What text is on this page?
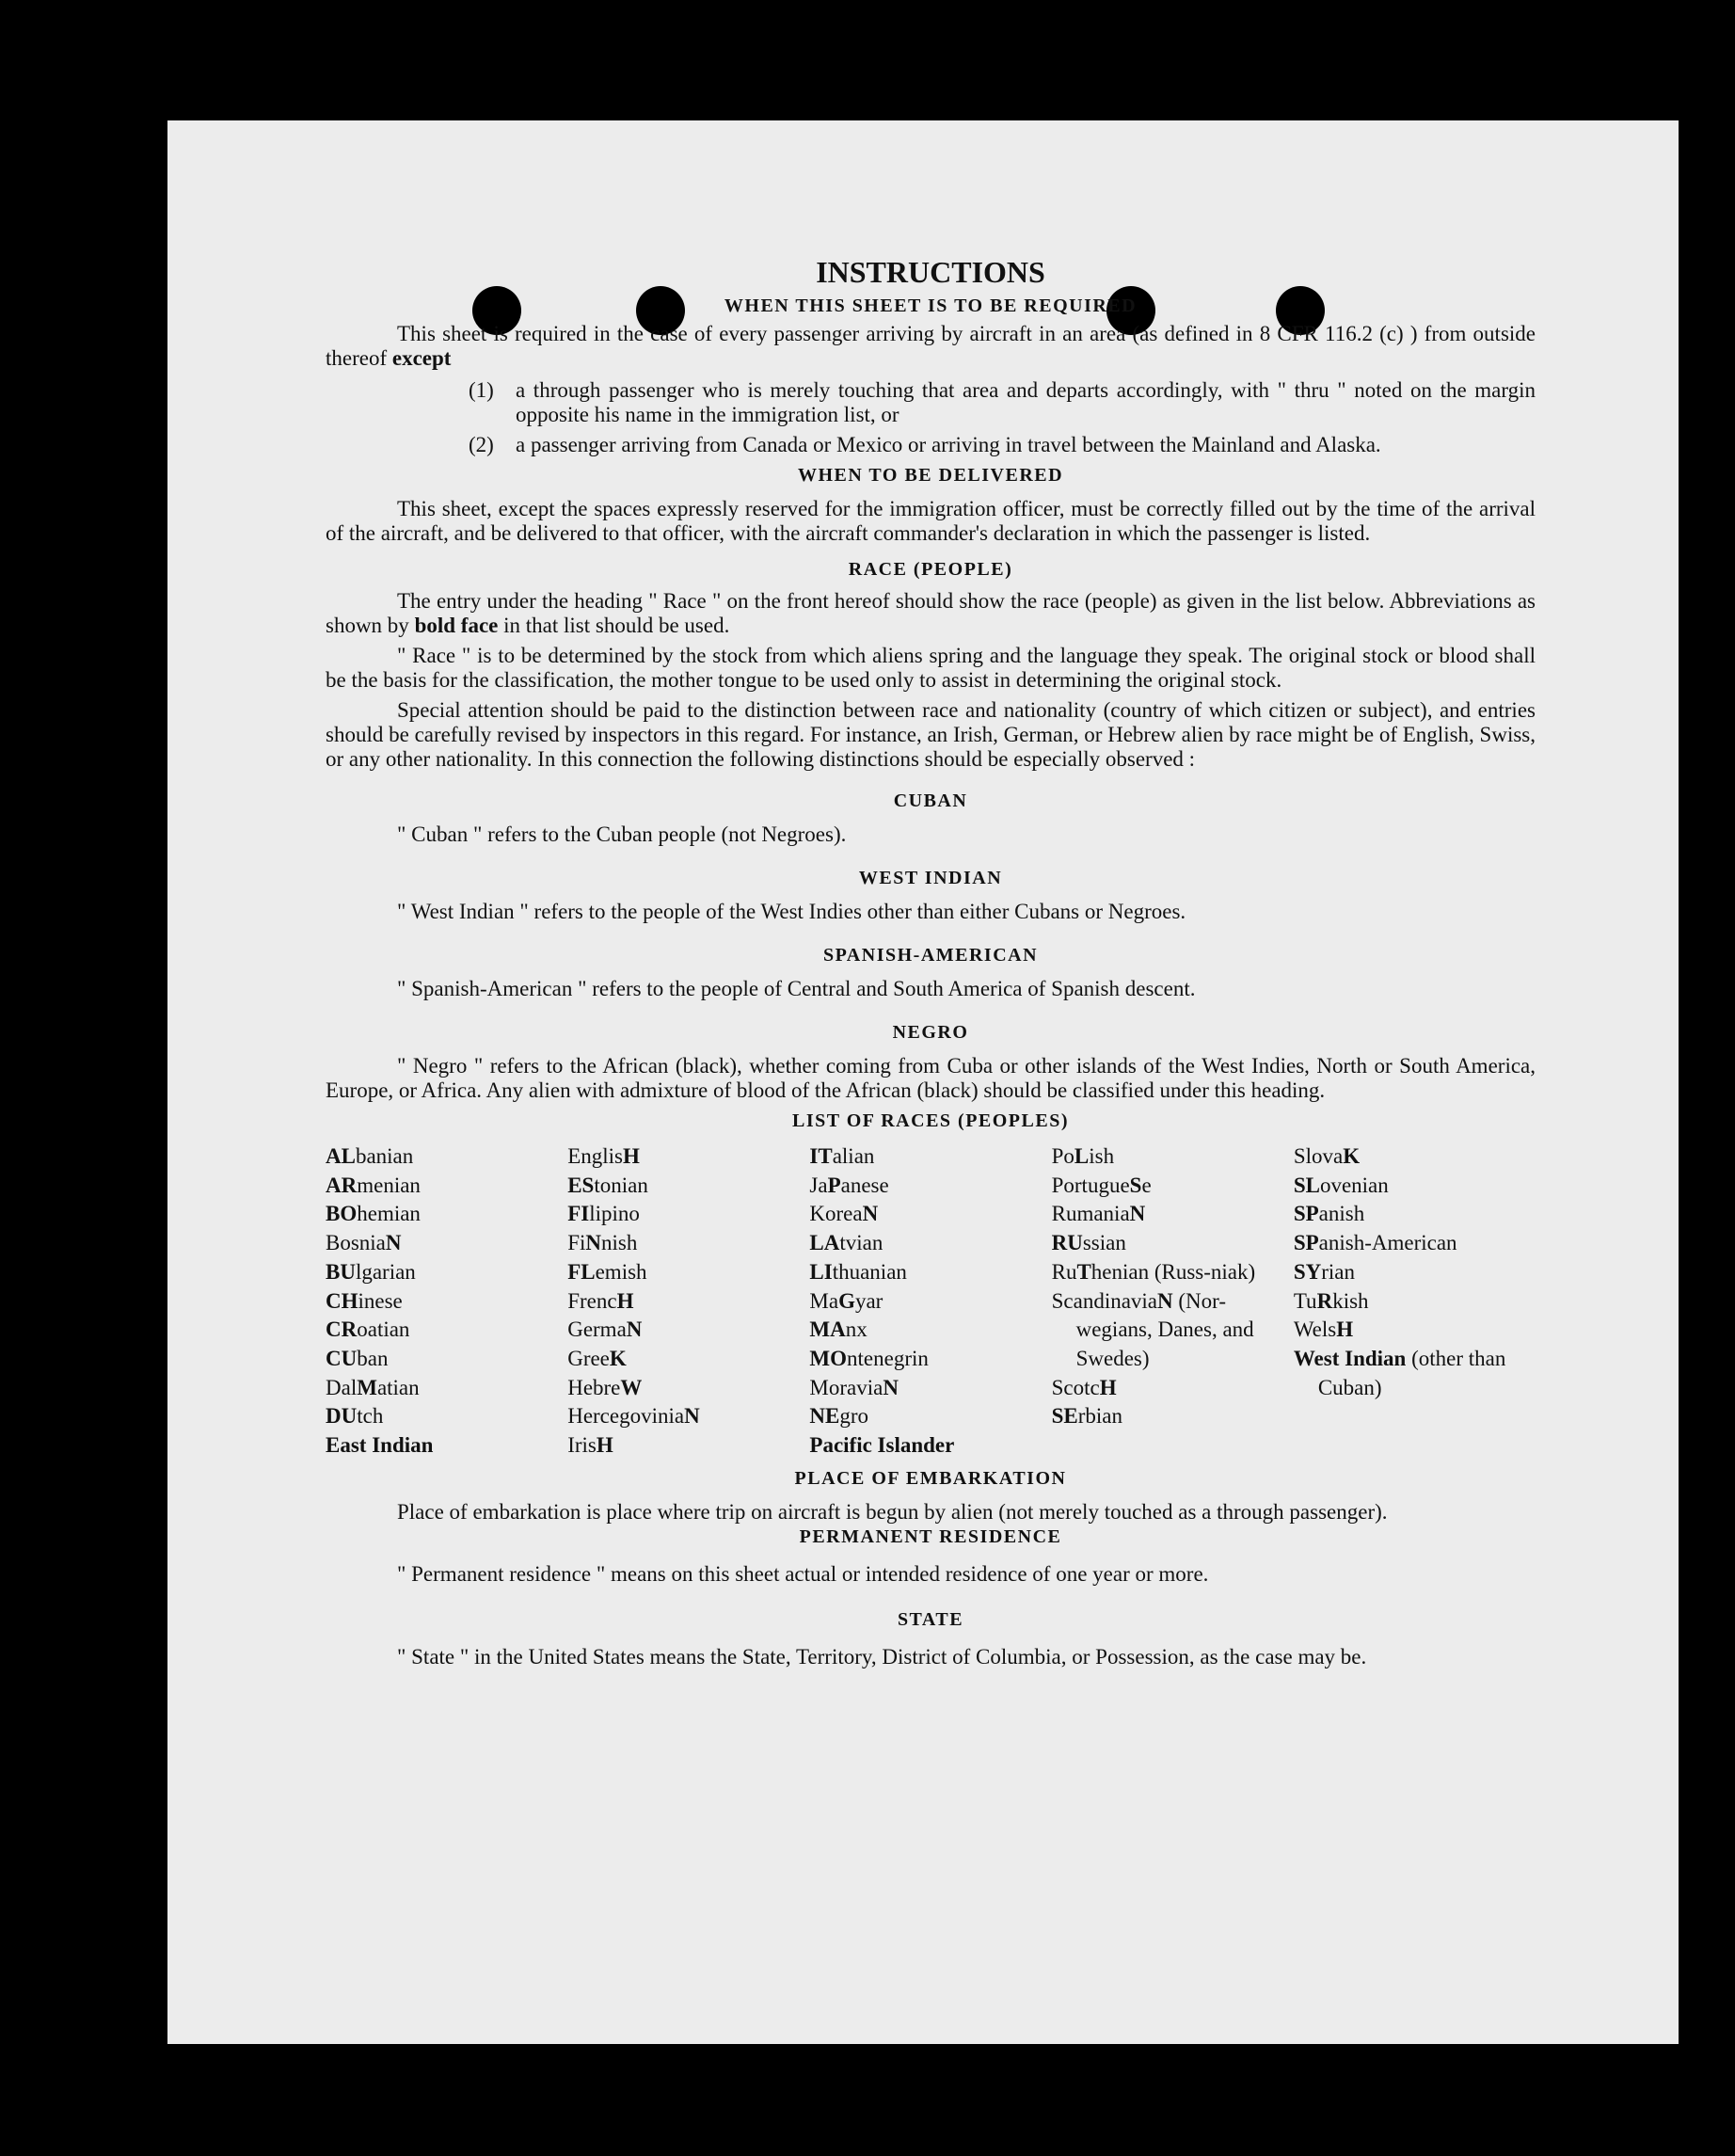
INSTRUCTIONS
WHEN THIS SHEET IS TO BE REQUIRED

This sheet is required in the case of every passenger arriving by aircraft in an area (as defined in 8 CFR 116.2 (c) ) from outside thereof except

(1)	a through passenger who is merely touching that area and departs accordingly, with " thru " noted on the margin opposite his name in the immigration list, or
(2)	a passenger arriving from Canada or Mexico or arriving in travel between the Mainland and Alaska.
WHEN TO BE DELIVERED

This sheet, except the spaces expressly reserved for the immigration officer, must be correctly filled out by the time of the arrival of the aircraft, and be delivered to that officer, with the aircraft commander's declaration in which the passenger is listed.

RACE (PEOPLE)

The entry under the heading " Race " on the front hereof should show the race (people) as given in the list below. Abbreviations as shown by bold face in that list should be used.

" Race " is to be determined by the stock from which aliens spring and the language they speak. The original stock or blood shall be the basis for the classification, the mother tongue to be used only to assist in determining the original stock.

Special attention should be paid to the distinction between race and nationality (country of which citizen or subject), and entries should be carefully revised by inspectors in this regard. For instance, an Irish, German, or Hebrew alien by race might be of English, Swiss, or any other nationality. In this connection the following distinctions should be especially observed :

CUBAN

" Cuban " refers to the Cuban people (not Negroes).

WEST INDIAN

" West Indian " refers to the people of the West Indies other than either Cubans or Negroes.

SPANISH-AMERICAN

" Spanish-American " refers to the people of Central and South America of Spanish descent.

NEGRO

" Negro " refers to the African (black), whether coming from Cuba or other islands of the West Indies, North or South America, Europe, or Africa. Any alien with admixture of blood of the African (black) should be classified under this heading.

LIST OF RACES (PEOPLES)
ALbanian
ARmenian
BOhemian
BosniaN
BUlgarian
CHinese
CRoatian
CUban
DalMatian
DUtch
East Indian
EnglisH
EStonian
FIlipino
FiNnish
FLemish
FrencH
GermaN
GreeK
HebreW
HercegoviniaN
IrisH
ITalian
JaPanese
KoreaN
LAtvian
LIthuanian
MaGyar
MAnx
MOntenegrin
MoraviaN
NEgro
Pacific Islander
PoLish
PortugueSe
RumaniaN
RUssian
RuThenian (Russ-niak)
ScandinaviaN (Nor-wegians, Danes, and Swedes)
ScotcH
SErbian
SlovaK
SLovenian
SPanish
SPanish-American
SYrian
TuRkish
WelsH
West Indian (other than Cuban)
PLACE OF EMBARKATION

Place of embarkation is place where trip on aircraft is begun by alien (not merely touched as a through passenger).

PERMANENT RESIDENCE

" Permanent residence " means on this sheet actual or intended residence of one year or more.

STATE

" State " in the United States means the State, Territory, District of Columbia, or Possession, as the case may be.
